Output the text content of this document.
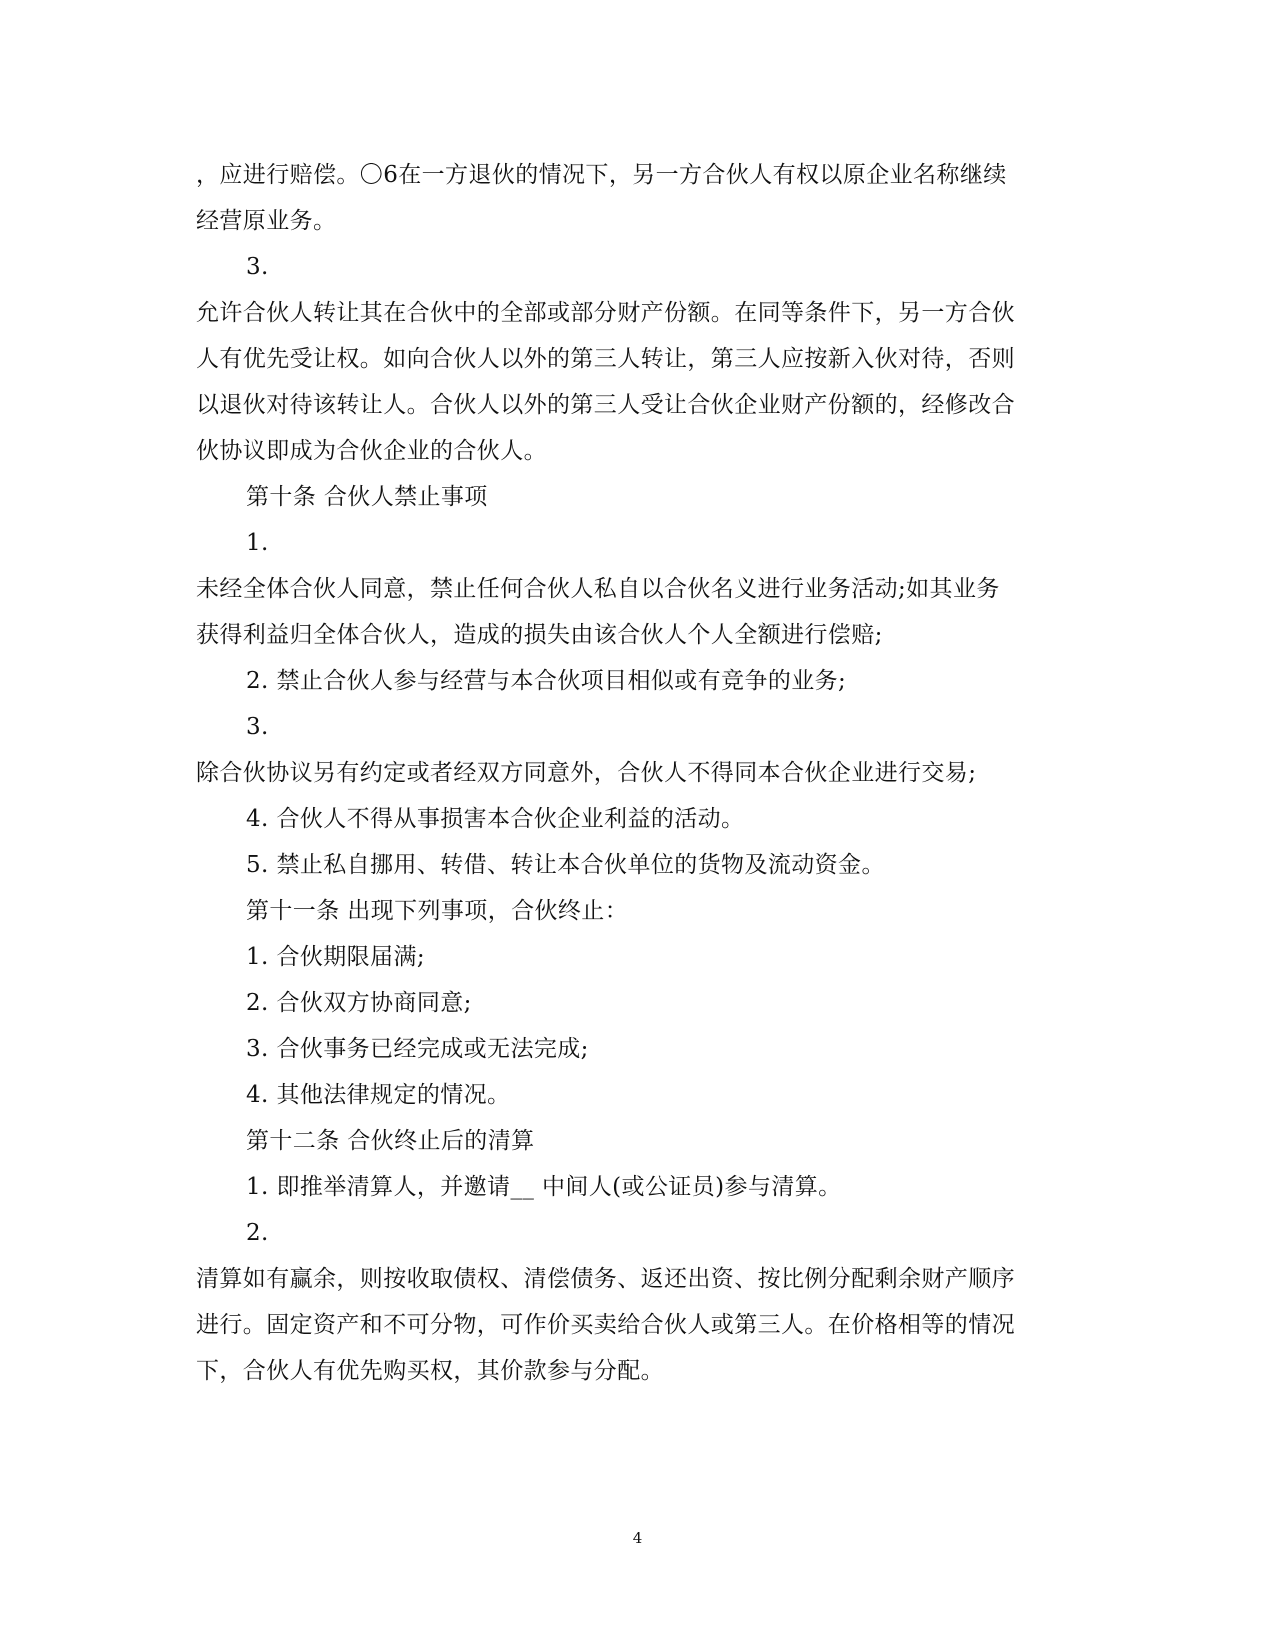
，应进行赔偿。〇6在一方退伙的情况下，另一方合伙人有权以原企业名称继续
经营原业务。
3.
允许合伙人转让其在合伙中的全部或部分财产份额。在同等条件下，另一方合伙
人有优先受让权。如向合伙人以外的第三人转让，第三人应按新入伙对待，否则
以退伙对待该转让人。合伙人以外的第三人受让合伙企业财产份额的，经修改合
伙协议即成为合伙企业的合伙人。
第十条 合伙人禁止事项
1.
未经全体合伙人同意，禁止任何合伙人私自以合伙名义进行业务活动;如其业务
获得利益归全体合伙人，造成的损失由该合伙人个人全额进行偿赔;
2. 禁止合伙人参与经营与本合伙项目相似或有竞争的业务;
3.
除合伙协议另有约定或者经双方同意外，合伙人不得同本合伙企业进行交易;
4. 合伙人不得从事损害本合伙企业利益的活动。
5. 禁止私自挪用、转借、转让本合伙单位的货物及流动资金。
第十一条 出现下列事项，合伙终止：
1. 合伙期限届满;
2. 合伙双方协商同意;
3. 合伙事务已经完成或无法完成;
4. 其他法律规定的情况。
第十二条 合伙终止后的清算
1. 即推举清算人，并邀请__ 中间人(或公证员)参与清算。
2.
清算如有赢余，则按收取债权、清偿债务、返还出资、按比例分配剩余财产顺序
进行。固定资产和不可分物，可作价买卖给合伙人或第三人。在价格相等的情况
下，合伙人有优先购买权，其价款参与分配。
4
